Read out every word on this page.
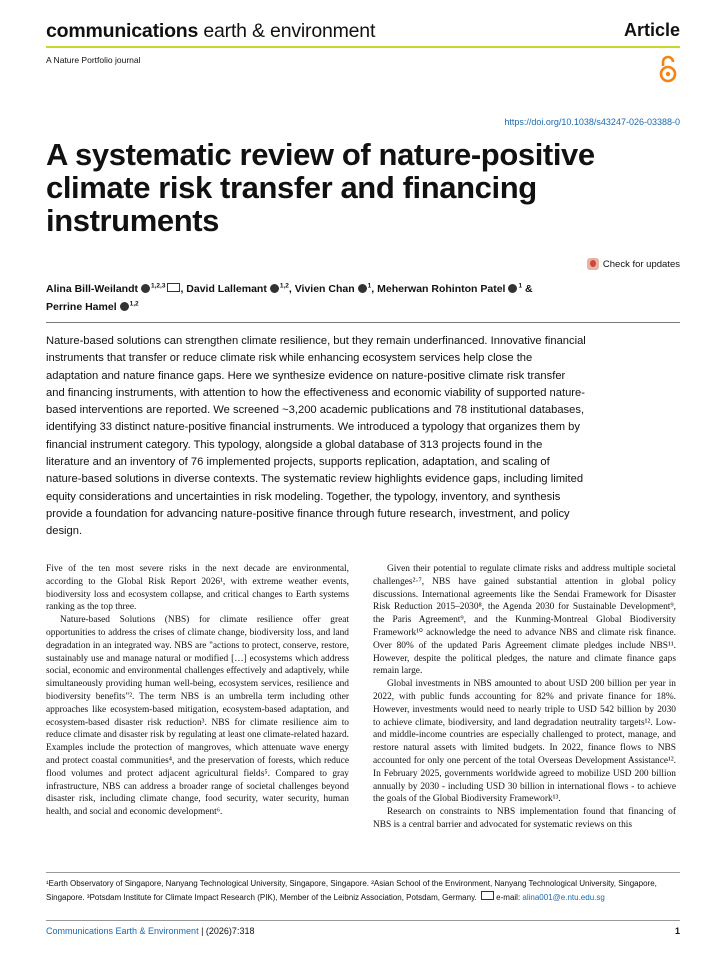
communications earth & environment	Article
A Nature Portfolio journal
https://doi.org/10.1038/s43247-026-03388-0
A systematic review of nature-positive climate risk transfer and financing instruments
Check for updates
Alina Bill-Weilandt $^{1,2,3}$ , David Lallemant $^{1,2}$, Vivien Chan $^1$, Meherwan Rohinton Patel $^1$ &
Perrine Hamel $^{1,2}$

Nature-based solutions can strengthen climate resilience, but they remain underfinanced. Innovative financial instruments that transfer or reduce climate risk while enhancing ecosystem services help close the adaptation and nature finance gaps. Here we synthesize evidence on nature-positive climate risk transfer and financing instruments, with attention to how the effectiveness and economic viability of supported nature-based interventions are reported. We screened ~3,200 academic publications and 78 institutional databases, identifying 33 distinct nature-positive financial instruments. We introduced a typology that organizes them by financial instrument category. This typology, alongside a global database of 313 projects found in the literature and an inventory of 76 implemented projects, supports replication, adaptation, and scaling of nature-based solutions in diverse contexts. The systematic review highlights evidence gaps, including limited equity considerations and uncertainties in risk modeling. Together, the typology, inventory, and synthesis provide a foundation for advancing nature-positive finance through future research, investment, and policy design.

Five of the ten most severe risks in the next decade are environmental, according to the Global Risk Report 2026¹, with extreme weather events, biodiversity loss and ecosystem collapse, and critical changes to Earth systems ranking as the top three.

Nature-based Solutions (NBS) for climate resilience offer great opportunities to address the crises of climate change, biodiversity loss, and land degradation in an integrated way. NBS are "actions to protect, conserve, restore, sustainably use and manage natural or modified […] ecosystems which address social, economic and environmental challenges effectively and adaptively, while simultaneously providing human well-being, ecosystem services, resilience and biodiversity benefits"². The term NBS is an umbrella term including other approaches like ecosystem-based mitigation, ecosystem-based adaptation, and ecosystem-based disaster risk reduction³. NBS for climate resilience aim to reduce climate and disaster risk by regulating at least one climate-related hazard. Examples include the protection of mangroves, which attenuate wave energy and protect coastal communities⁴, and the preservation of forests, which reduce flood volumes and protect adjacent agricultural fields⁵. Compared to gray infrastructure, NBS can address a broader range of societal challenges beyond disaster risk, including climate change, food security, water security, human health, and social and economic development⁶.

Given their potential to regulate climate risks and address multiple societal challenges²·⁷, NBS have gained substantial attention in global policy discussions. International agreements like the Sendai Framework for Disaster Risk Reduction 2015–2030⁸, the Agenda 2030 for Sustainable Development⁹, the Paris Agreement⁹, and the Kunming-Montreal Global Biodiversity Framework¹⁰ acknowledge the need to advance NBS and climate risk finance. Over 80% of the updated Paris Agreement climate pledges include NBS¹¹. However, despite the political pledges, the nature and climate finance gaps remain large.

Global investments in NBS amounted to about USD 200 billion per year in 2022, with public funds accounting for 82% and private finance for 18%. However, investments would need to nearly triple to USD 542 billion by 2030 to achieve climate, biodiversity, and land degradation neutrality targets¹². Low- and middle-income countries are especially challenged to protect, manage, and restore natural assets with limited budgets. In 2022, finance flows to NBS accounted for only one percent of the total Overseas Development Assistance¹². In February 2025, governments worldwide agreed to mobilize USD 200 billion annually by 2030 - including USD 30 billion in international flows - to achieve the goals of the Global Biodiversity Framework¹³.

Research on constraints to NBS implementation found that financing of NBS is a central barrier and advocated for systematic reviews on this

¹Earth Observatory of Singapore, Nanyang Technological University, Singapore, Singapore. ²Asian School of the Environment, Nanyang Technological University, Singapore, Singapore. ³Potsdam Institute for Climate Impact Research (PIK), Member of the Leibniz Association, Potsdam, Germany. e-mail: alina001@e.ntu.edu.sg
Communications Earth & Environment | (2026)7:318	1
